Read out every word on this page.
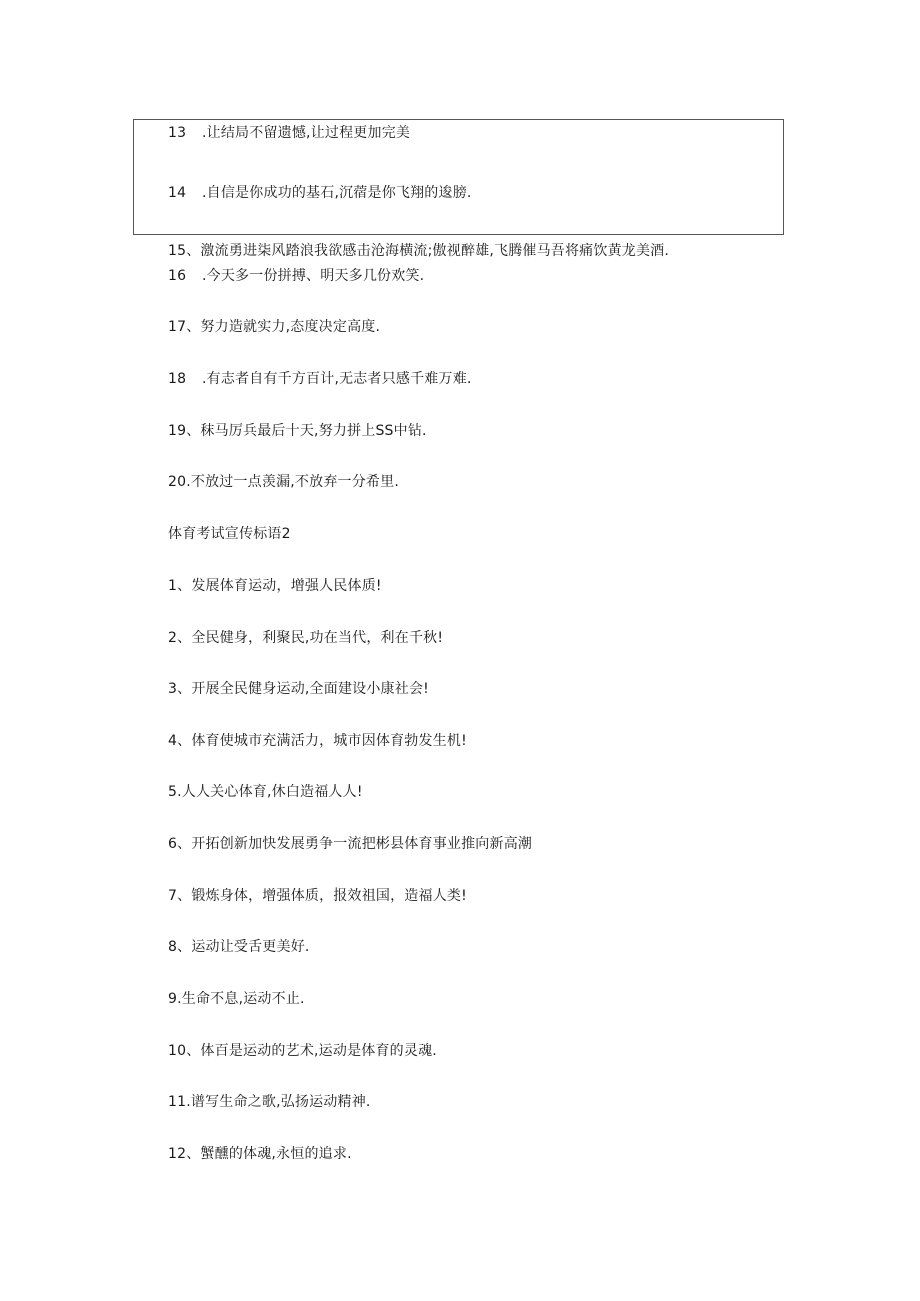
13 .让结局不留遗憾,让过程更加完美
14 .自信是你成功的基石,沉蓿是你飞翔的逡膀.
15、激流勇进柒风踏浪我欲感击沧海横流;傲视醉雄,飞腾催马吾将痛饮黄龙美酒.
16 .今天多一份拼搏、明天多几份欢笑.
17、努力造就实力,态度决定高度.
18 .有志者自有千方百计,无志者只感千难万难.
19、秣马厉兵最后十天,努力拼上SS中钻.
20.不放过一点羡漏,不放弃一分希里.
体育考试宣传标语2
1、发展体育运动，增强人民体质!
2、全民健身，利聚民,功在当代，利在千秋!
3、开展全民健身运动,全面建设小康社会!
4、体育使城市充满活力，城市因体育勃发生机!
5.人人关心体育,休白造福人人!
6、开拓创新加快发展勇争一流把彬县体育事业推向新高潮
7、锻炼身体，增强体质，报效祖国，造福人类!
8、运动让受舌更美好.
9.生命不息,运动不止.
10、体百是运动的艺术,运动是体育的灵魂.
11.谱写生命之歌,弘扬运动精神.
12、蟹醺的体魂,永恒的追求.
